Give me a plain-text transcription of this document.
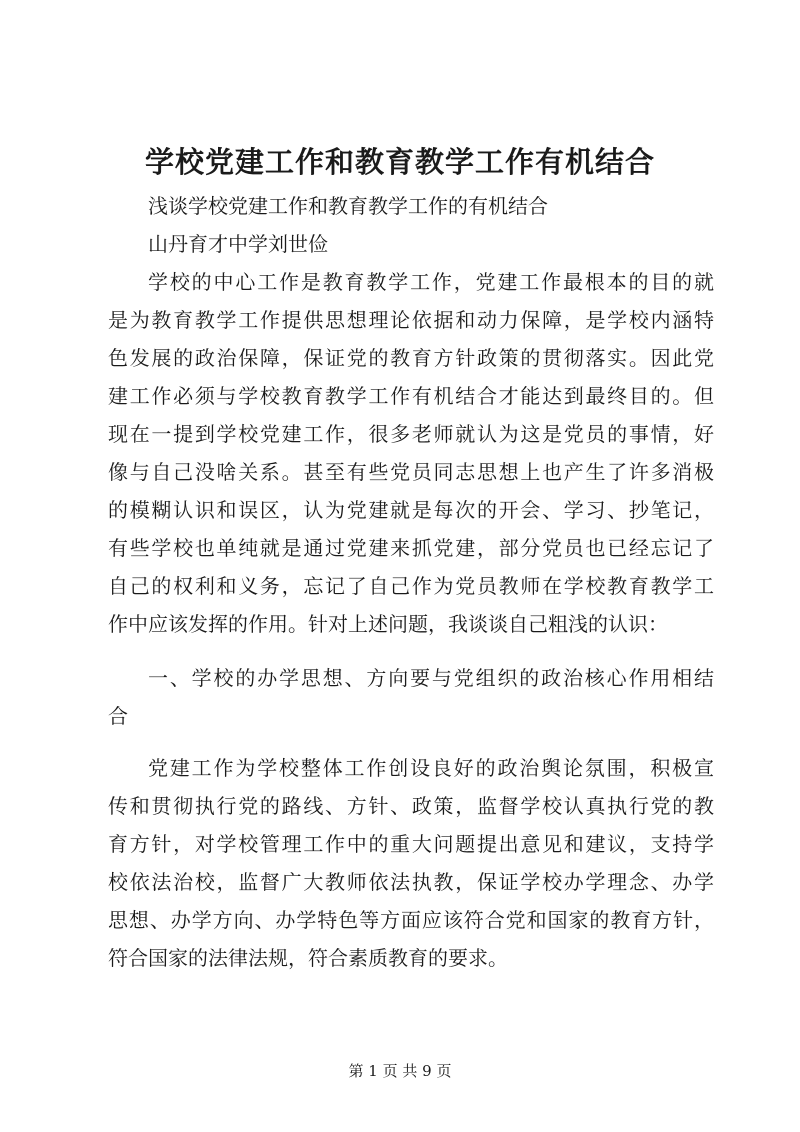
学校党建工作和教育教学工作有机结合

浅谈学校党建工作和教育教学工作的有机结合

山丹育才中学刘世俭

学校的中心工作是教育教学工作，党建工作最根本的目的就

是为教育教学工作提供思想理论依据和动力保障，是学校内涵特

色发展的政治保障，保证党的教育方针政策的贯彻落实。因此党

建工作必须与学校教育教学工作有机结合才能达到最终目的。但

现在一提到学校党建工作，很多老师就认为这是党员的事情，好

像与自己没啥关系。甚至有些党员同志思想上也产生了许多消极

的模糊认识和误区，认为党建就是每次的开会、学习、抄笔记，

有些学校也单纯就是通过党建来抓党建，部分党员也已经忘记了

自己的权利和义务，忘记了自己作为党员教师在学校教育教学工

作中应该发挥的作用。针对上述问题，我谈谈自己粗浅的认识：

一、学校的办学思想、方向要与党组织的政治核心作用相结

合

党建工作为学校整体工作创设良好的政治舆论氛围，积极宣

传和贯彻执行党的路线、方针、政策，监督学校认真执行党的教

育方针，对学校管理工作中的重大问题提出意见和建议，支持学

校依法治校，监督广大教师依法执教，保证学校办学理念、办学

思想、办学方向、办学特色等方面应该符合党和国家的教育方针，

符合国家的法律法规，符合素质教育的要求。

第 1 页 共 9 页
